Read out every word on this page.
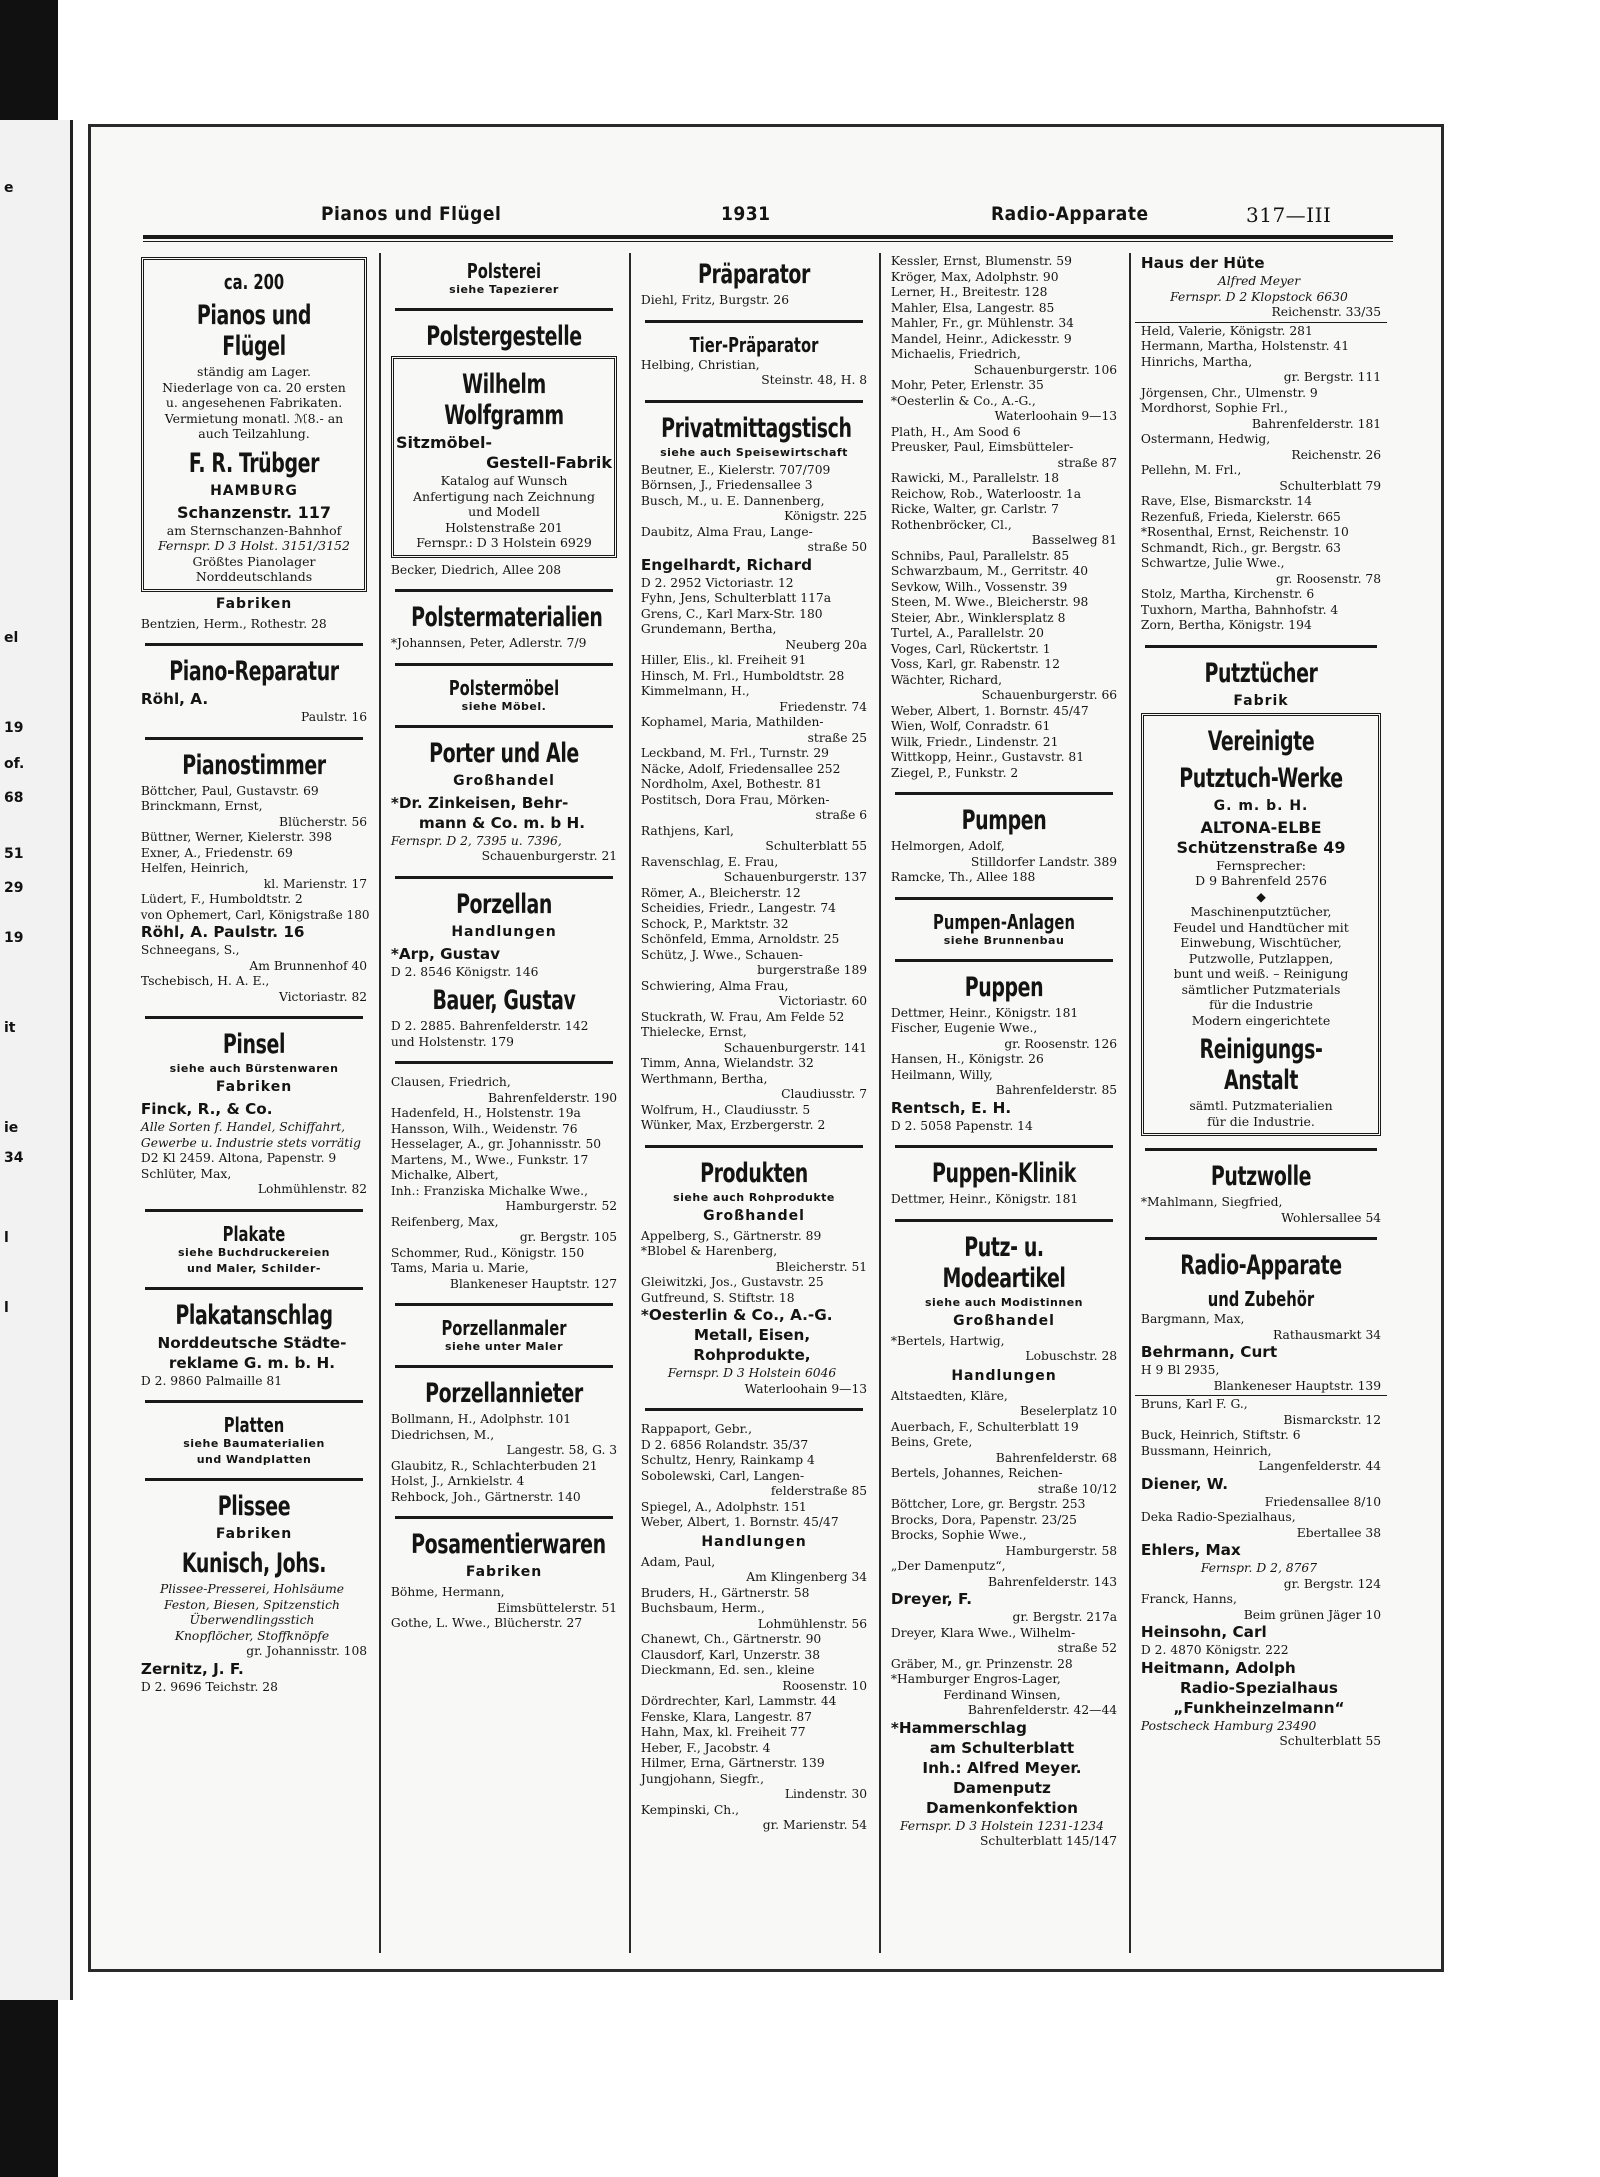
e
el
19
of.
68
51
29
19
it
ie
34
l
l
Pianos und Flügel	1931	Radio-Apparate	317—III
ca. 200
Pianos und Flügel
ständig am Lager.
Niederlage von ca. 20 ersten
u. angesehenen Fabrikaten.
Vermietung monatl. ℳ8.- an
auch Teilzahlung.
F. R. Trübger
HAMBURG
Schanzenstr. 117
am Sternschanzen-Bahnhof
Fernspr. D 3 Holst. 3151/3152
Größtes Pianolager
Norddeutschlands
Fabriken
Bentzien, Herm., Rothestr. 28
Piano-Reparatur
Röhl, A.
Paulstr. 16
Pianostimmer
Böttcher, Paul, Gustavstr. 69
Brinckmann, Ernst,
Blücherstr. 56
Büttner, Werner, Kielerstr. 398
Exner, A., Friedenstr. 69
Helfen, Heinrich,
kl. Marienstr. 17
Lüdert, F., Humboldtstr. 2
von Ophemert, Carl, Königstraße 180
Röhl, A. Paulstr. 16
Schneegans, S.,
Am Brunnenhof 40
Tschebisch, H. A. E.,
Victoriastr. 82
Pinsel
siehe auch Bürstenwaren
Fabriken
Finck, R., & Co.
Alle Sorten f. Handel, Schiffahrt,
Gewerbe u. Industrie stets vorrätig
D2 Kl 2459. Altona, Papenstr. 9
Schlüter, Max,
Lohmühlenstr. 82
Plakate
siehe Buchdruckereien
und Maler, Schilder-
Plakatanschlag
Norddeutsche Städte-
reklame G. m. b. H.
D 2. 9860 Palmaille 81
Platten
siehe Baumaterialien
und Wandplatten
Plissee
Fabriken
Kunisch, Johs.
Plissee-Presserei, Hohlsäume
Feston, Biesen, Spitzenstich
Überwendlingsstich
Knopflöcher, Stoffknöpfe
gr. Johannisstr. 108
Zernitz, J. F.
D 2. 9696 Teichstr. 28
Polsterei
siehe Tapezierer
Polstergestelle
Wilhelm Wolfgramm
Sitzmöbel-
Gestell-Fabrik
Katalog auf Wunsch
Anfertigung nach Zeichnung
und Modell
Holstenstraße 201
Fernspr.: D 3 Holstein 6929
Becker, Diedrich, Allee 208
Polstermaterialien
*Johannsen, Peter, Adlerstr. 7/9
Polstermöbel
siehe Möbel.
Porter und Ale
Großhandel
*Dr. Zinkeisen, Behr-
mann & Co. m. b H.
Fernspr. D 2, 7395 u. 7396,
Schauenburgerstr. 21
Porzellan
Handlungen
*Arp, Gustav
D 2. 8546 Königstr. 146
Bauer, Gustav
D 2. 2885. Bahrenfelderstr. 142
und Holstenstr. 179
Clausen, Friedrich,
Bahrenfelderstr. 190
Hadenfeld, H., Holstenstr. 19a
Hansson, Wilh., Weidenstr. 76
Hesselager, A., gr. Johannisstr. 50
Martens, M., Wwe., Funkstr. 17
Michalke, Albert,
Inh.: Franziska Michalke Wwe.,
Hamburgerstr. 52
Reifenberg, Max,
gr. Bergstr. 105
Schommer, Rud., Königstr. 150
Tams, Maria u. Marie,
Blankeneser Hauptstr. 127
Porzellanmaler
siehe unter Maler
Porzellannieter
Bollmann, H., Adolphstr. 101
Diedrichsen, M.,
Langestr. 58, G. 3
Glaubitz, R., Schlachterbuden 21
Holst, J., Arnkielstr. 4
Rehbock, Joh., Gärtnerstr. 140
Posamentierwaren
Fabriken
Böhme, Hermann,
Eimsbüttelerstr. 51
Gothe, L. Wwe., Blücherstr. 27
Präparator
Diehl, Fritz, Burgstr. 26
Tier-Präparator
Helbing, Christian,
Steinstr. 48, H. 8
Privatmittagstisch
siehe auch Speisewirtschaft
Beutner, E., Kielerstr. 707/709
Börnsen, J., Friedensallee 3
Busch, M., u. E. Dannenberg,
Königstr. 225
Daubitz, Alma Frau, Lange-
straße 50
Engelhardt, Richard
D 2. 2952 Victoriastr. 12
Fyhn, Jens, Schulterblatt 117a
Grens, C., Karl Marx-Str. 180
Grundemann, Bertha,
Neuberg 20a
Hiller, Elis., kl. Freiheit 91
Hinsch, M. Frl., Humboldtstr. 28
Kimmelmann, H.,
Friedenstr. 74
Kophamel, Maria, Mathilden-
straße 25
Leckband, M. Frl., Turnstr. 29
Näcke, Adolf, Friedensallee 252
Nordholm, Axel, Bothestr. 81
Postitsch, Dora Frau, Mörken-
straße 6
Rathjens, Karl,
Schulterblatt 55
Ravenschlag, E. Frau,
Schauenburgerstr. 137
Römer, A., Bleicherstr. 12
Scheidies, Friedr., Langestr. 74
Schock, P., Marktstr. 32
Schönfeld, Emma, Arnoldstr. 25
Schütz, J. Wwe., Schauen-
burgerstraße 189
Schwiering, Alma Frau,
Victoriastr. 60
Stuckrath, W. Frau, Am Felde 52
Thielecke, Ernst,
Schauenburgerstr. 141
Timm, Anna, Wielandstr. 32
Werthmann, Bertha,
Claudiusstr. 7
Wolfrum, H., Claudiusstr. 5
Wünker, Max, Erzbergerstr. 2
Produkten
siehe auch Rohprodukte
Großhandel
Appelberg, S., Gärtnerstr. 89
*Blobel & Harenberg,
Bleicherstr. 51
Gleiwitzki, Jos., Gustavstr. 25
Gutfreund, S. Stiftstr. 18
*Oesterlin & Co., A.-G.
Metall, Eisen,
Rohprodukte,
Fernspr. D 3 Holstein 6046
Waterloohain 9—13
Rappaport, Gebr.,
D 2. 6856 Rolandstr. 35/37
Schultz, Henry, Rainkamp 4
Sobolewski, Carl, Langen-
felderstraße 85
Spiegel, A., Adolphstr. 151
Weber, Albert, 1. Bornstr. 45/47
Handlungen
Adam, Paul,
Am Klingenberg 34
Bruders, H., Gärtnerstr. 58
Buchsbaum, Herm.,
Lohmühlenstr. 56
Chanewt, Ch., Gärtnerstr. 90
Clausdorf, Karl, Unzerstr. 38
Dieckmann, Ed. sen., kleine
Roosenstr. 10
Dördrechter, Karl, Lammstr. 44
Fenske, Klara, Langestr. 87
Hahn, Max, kl. Freiheit 77
Heber, F., Jacobstr. 4
Hilmer, Erna, Gärtnerstr. 139
Jungjohann, Siegfr.,
Lindenstr. 30
Kempinski, Ch.,
gr. Marienstr. 54
Kessler, Ernst, Blumenstr. 59
Kröger, Max, Adolphstr. 90
Lerner, H., Breitestr. 128
Mahler, Elsa, Langestr. 85
Mahler, Fr., gr. Mühlenstr. 34
Mandel, Heinr., Adickesstr. 9
Michaelis, Friedrich,
Schauenburgerstr. 106
Mohr, Peter, Erlenstr. 35
*Oesterlin & Co., A.-G.,
Waterloohain 9—13
Plath, H., Am Sood 6
Preusker, Paul, Eimsbütteler-
straße 87
Rawicki, M., Parallelstr. 18
Reichow, Rob., Waterloostr. 1a
Ricke, Walter, gr. Carlstr. 7
Rothenbröcker, Cl.,
Basselweg 81
Schnibs, Paul, Parallelstr. 85
Schwarzbaum, M., Gerritstr. 40
Sevkow, Wilh., Vossenstr. 39
Steen, M. Wwe., Bleicherstr. 98
Steier, Abr., Winklersplatz 8
Turtel, A., Parallelstr. 20
Voges, Carl, Rückertstr. 1
Voss, Karl, gr. Rabenstr. 12
Wächter, Richard,
Schauenburgerstr. 66
Weber, Albert, 1. Bornstr. 45/47
Wien, Wolf, Conradstr. 61
Wilk, Friedr., Lindenstr. 21
Wittkopp, Heinr., Gustavstr. 81
Ziegel, P., Funkstr. 2
Pumpen
Helmorgen, Adolf,
Stilldorfer Landstr. 389
Ramcke, Th., Allee 188
Pumpen-Anlagen
siehe Brunnenbau
Puppen
Dettmer, Heinr., Königstr. 181
Fischer, Eugenie Wwe.,
gr. Roosenstr. 126
Hansen, H., Königstr. 26
Heilmann, Willy,
Bahrenfelderstr. 85
Rentsch, E. H.
D 2. 5058 Papenstr. 14
Puppen-Klinik
Dettmer, Heinr., Königstr. 181
Putz- u. Modeartikel
siehe auch Modistinnen
Großhandel
*Bertels, Hartwig,
Lobuschstr. 28
Handlungen
Altstaedten, Kläre,
Beselerplatz 10
Auerbach, F., Schulterblatt 19
Beins, Grete,
Bahrenfelderstr. 68
Bertels, Johannes, Reichen-
straße 10/12
Böttcher, Lore, gr. Bergstr. 253
Brocks, Dora, Papenstr. 23/25
Brocks, Sophie Wwe.,
Hamburgerstr. 58
„Der Damenputz“,
Bahrenfelderstr. 143
Dreyer, F.
gr. Bergstr. 217a
Dreyer, Klara Wwe., Wilhelm-
straße 52
Gräber, M., gr. Prinzenstr. 28
*Hamburger Engros-Lager,
Ferdinand Winsen,
Bahrenfelderstr. 42—44
*Hammerschlag
am Schulterblatt
Inh.: Alfred Meyer.
Damenputz
Damenkonfektion
Fernspr. D 3 Holstein 1231-1234
Schulterblatt 145/147
Haus der Hüte
Alfred Meyer
Fernspr. D 2 Klopstock 6630
Reichenstr. 33/35
Held, Valerie, Königstr. 281
Hermann, Martha, Holstenstr. 41
Hinrichs, Martha,
gr. Bergstr. 111
Jörgensen, Chr., Ulmenstr. 9
Mordhorst, Sophie Frl.,
Bahrenfelderstr. 181
Ostermann, Hedwig,
Reichenstr. 26
Pellehn, M. Frl.,
Schulterblatt 79
Rave, Else, Bismarckstr. 14
Rezenfuß, Frieda, Kielerstr. 665
*Rosenthal, Ernst, Reichenstr. 10
Schmandt, Rich., gr. Bergstr. 63
Schwartze, Julie Wwe.,
gr. Roosenstr. 78
Stolz, Martha, Kirchenstr. 6
Tuxhorn, Martha, Bahnhofstr. 4
Zorn, Bertha, Königstr. 194
Putztücher
Fabrik
Vereinigte
Putztuch-Werke
G. m. b. H.
ALTONA-ELBE
Schützenstraße 49
Fernsprecher:
D 9 Bahrenfeld 2576
◆
Maschinenputztücher,
Feudel und Handtücher mit
Einwebung, Wischtücher,
Putzwolle, Putzlappen,
bunt und weiß. – Reinigung
sämtlicher Putzmaterials
für die Industrie
Modern eingerichtete
Reinigungs-Anstalt
sämtl. Putzmaterialien
für die Industrie.
Putzwolle
*Mahlmann, Siegfried,
Wohlersallee 54
Radio-Apparate
und Zubehör
Bargmann, Max,
Rathausmarkt 34
Behrmann, Curt
H 9 Bl 2935,
Blankeneser Hauptstr. 139
Bruns, Karl F. G.,
Bismarckstr. 12
Buck, Heinrich, Stiftstr. 6
Bussmann, Heinrich,
Langenfelderstr. 44
Diener, W.
Friedensallee 8/10
Deka Radio-Spezialhaus,
Ebertallee 38
Ehlers, Max
Fernspr. D 2, 8767
gr. Bergstr. 124
Franck, Hanns,
Beim grünen Jäger 10
Heinsohn, Carl
D 2. 4870 Königstr. 222
Heitmann, Adolph
Radio-Spezialhaus
„Funkheinzelmann“
Postscheck Hamburg 23490
Schulterblatt 55
